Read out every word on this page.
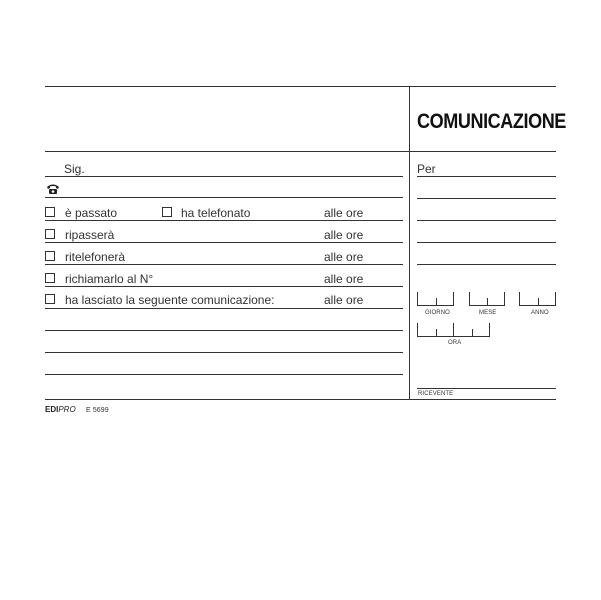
COMUNICAZIONE
Sig.
è passato	ha telefonato	alle ore
ripasserà	alle ore
ritelefonerà	alle ore
richiamarlo al N°	alle ore
ha lasciato la seguente comunicazione:	alle ore
Per
GIORNO	MESE	ANNO
ORA
RICEVENTE
EDIPRO E 5699
